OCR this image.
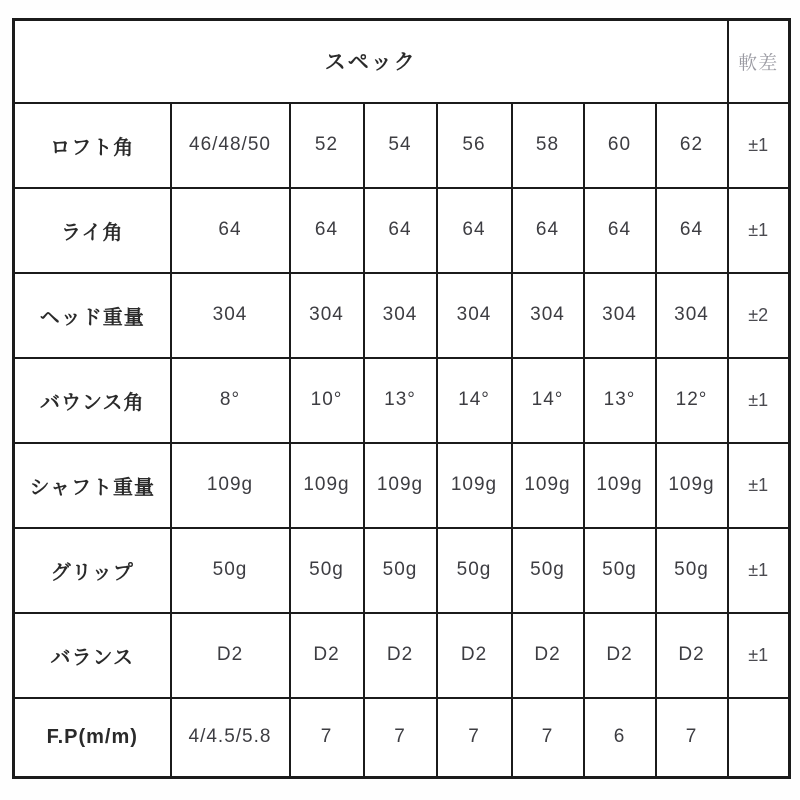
スペック								軟差
ロフト角	46/48/50	52	54	56	58	60	62	±1
ライ角	64	64	64	64	64	64	64	±1
ヘッド重量	304	304	304	304	304	304	304	±2
バウンス角	8°	10°	13°	14°	14°	13°	12°	±1
シャフト重量	109g	109g	109g	109g	109g	109g	109g	±1
グリップ	50g	50g	50g	50g	50g	50g	50g	±1
バランス	D2	D2	D2	D2	D2	D2	D2	±1
F.P(m/m)	4/4.5/5.8	7	7	7	7	6	7	
